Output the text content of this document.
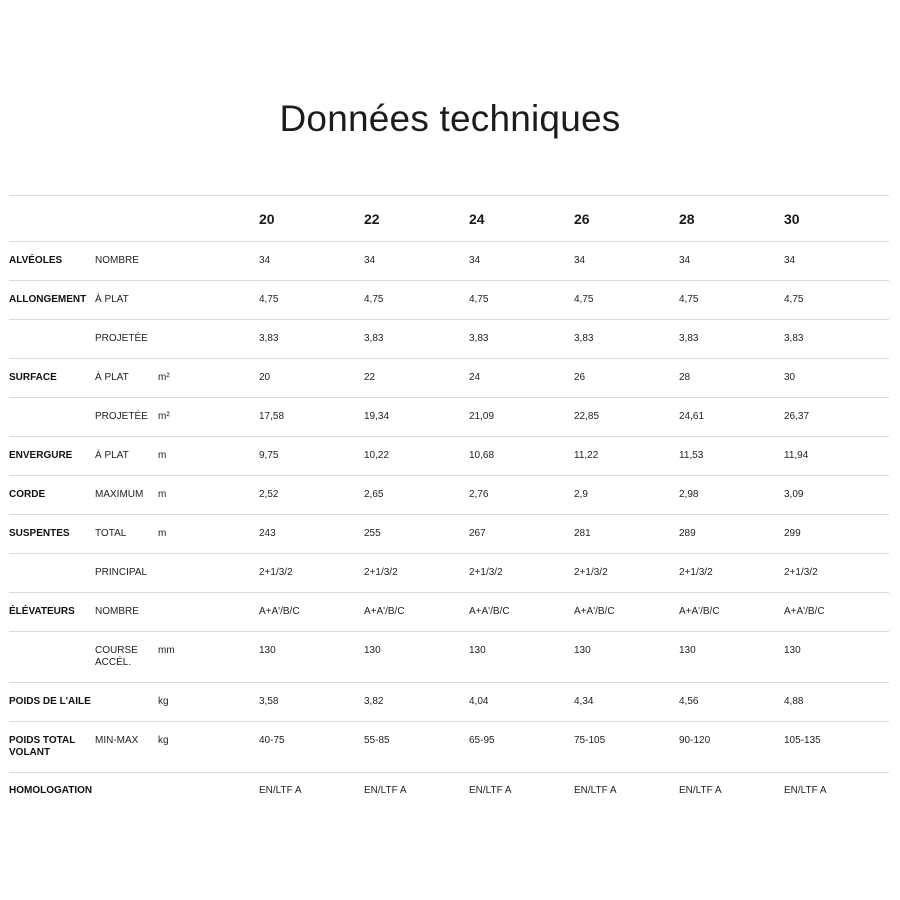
Données techniques
			20	22	24	26	28	30
ALVÉOLES	NOMBRE		34	34	34	34	34	34
ALLONGEMENT	À PLAT		4,75	4,75	4,75	4,75	4,75	4,75
	PROJETÉE		3,83	3,83	3,83	3,83	3,83	3,83
SURFACE	À PLAT	m²	20	22	24	26	28	30
	PROJETÉE	m²	17,58	19,34	21,09	22,85	24,61	26,37
ENVERGURE	À PLAT	m	9,75	10,22	10,68	11,22	11,53	11,94
CORDE	MAXIMUM	m	2,52	2,65	2,76	2,9	2,98	3,09
SUSPENTES	TOTAL	m	243	255	267	281	289	299
	PRINCIPAL		2+1/3/2	2+1/3/2	2+1/3/2	2+1/3/2	2+1/3/2	2+1/3/2
ÉLÉVATEURS	NOMBRE		A+A'/B/C	A+A'/B/C	A+A'/B/C	A+A'/B/C	A+A'/B/C	A+A'/B/C
	COURSE ACCÉL.	mm	130	130	130	130	130	130
POIDS DE L'AILE		kg	3,58	3,82	4,04	4,34	4,56	4,88
POIDS TOTAL VOLANT	MIN-MAX	kg	40-75	55-85	65-95	75-105	90-120	105-135
HOMOLOGATION			EN/LTF A	EN/LTF A	EN/LTF A	EN/LTF A	EN/LTF A	EN/LTF A
